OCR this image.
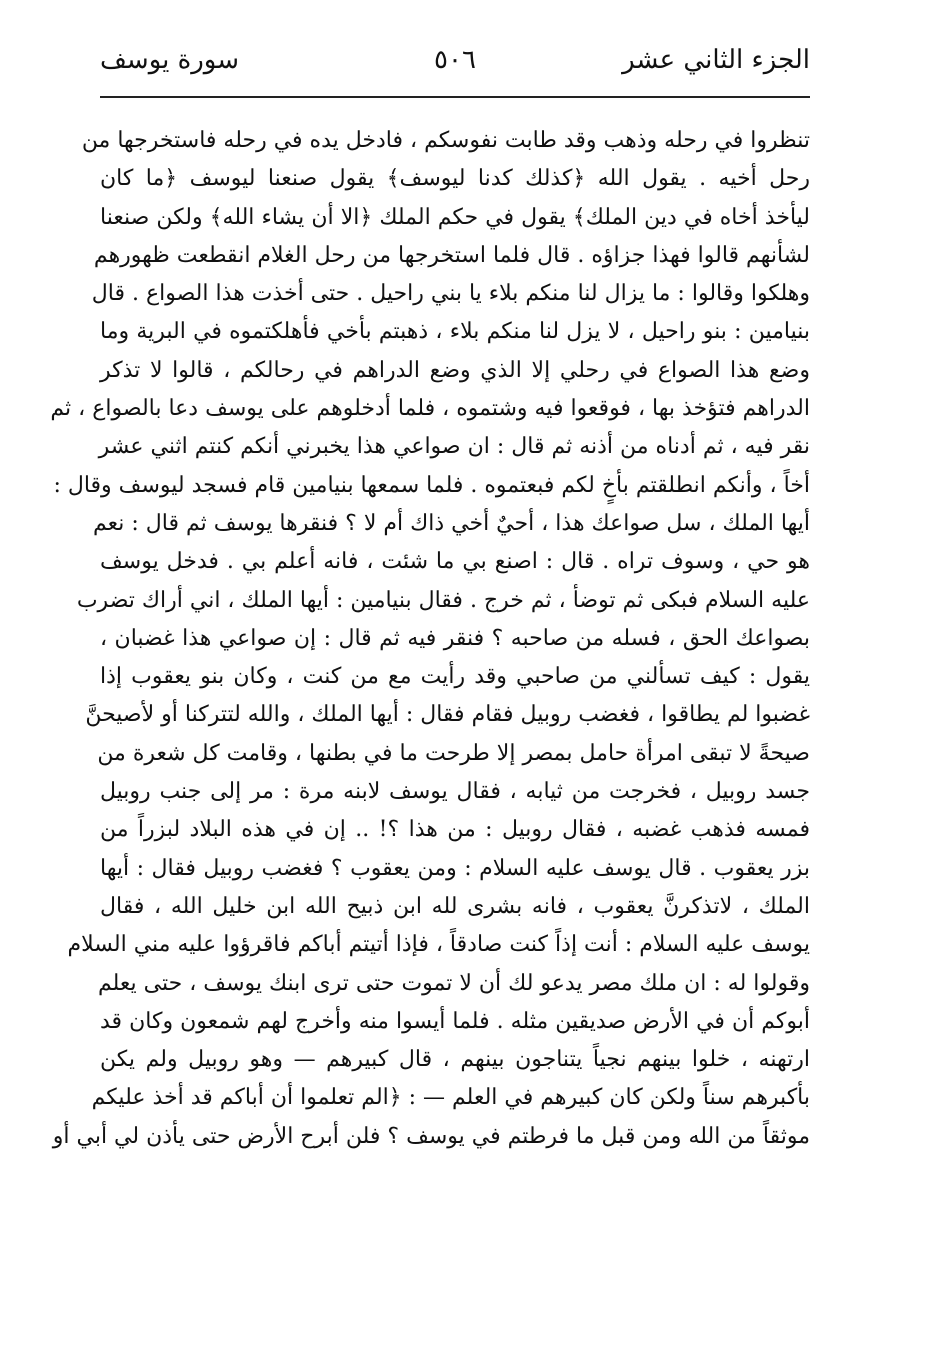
الجزء الثاني عشر
٥٠٦
سورة يوسف
تنظروا في رحله وذهب وقد طابت نفوسكم ، فادخل يده في رحله فاستخرجها من
رحل أخيه . يقول الله ﴿كذلك كدنا ليوسف﴾ يقول صنعنا ليوسف ﴿ما كان
ليأخذ أخاه في دين الملك﴾ يقول في حكم الملك ﴿الا أن يشاء الله﴾ ولكن صنعنا
لشأنهم قالوا فهذا جزاؤه . قال فلما استخرجها من رحل الغلام انقطعت ظهورهم
وهلكوا وقالوا : ما يزال لنا منكم بلاء يا بني راحيل . حتى أخذت هذا الصواع . قال
بنيامين : بنو راحيل ، لا يزل لنا منكم بلاء ، ذهبتم بأخي فأهلكتموه في البرية وما
وضع هذا الصواع في رحلي إلا الذي وضع الدراهم في رحالكم ، قالوا لا تذكر
الدراهم فتؤخذ بها ، فوقعوا فيه وشتموه ، فلما أدخلوهم على يوسف دعا بالصواع ، ثم
نقر فيه ، ثم أدناه من أذنه ثم قال : ان صواعي هذا يخبرني أنكم كنتم اثني عشر
أخاً ، وأنكم انطلقتم بأخٍ لكم فبعتموه . فلما سمعها بنيامين قام فسجد ليوسف وقال :
أيها الملك ، سل صواعك هذا ، أحيٌ أخي ذاك أم لا ؟ فنقرها يوسف ثم قال : نعم
هو حي ، وسوف تراه . قال : اصنع بي ما شئت ، فانه أعلم بي . فدخل يوسف
عليه السلام فبكى ثم توضأ ، ثم خرج . فقال بنيامين : أيها الملك ، اني أراك تضرب
بصواعك الحق ، فسله من صاحبه ؟ فنقر فيه ثم قال : إن صواعي هذا غضبان ،
يقول : كيف تسألني من صاحبي وقد رأيت مع من كنت ، وكان بنو يعقوب إذا
غضبوا لم يطاقوا ، فغضب روبيل فقام فقال : أيها الملك ، والله لتتركنا أو لأصيحنَّ
صيحةً لا تبقى امرأة حامل بمصر إلا طرحت ما في بطنها ، وقامت كل شعرة من
جسد روبيل ، فخرجت من ثيابه ، فقال يوسف لابنه مرة : مر إلى جنب روبيل
فمسه فذهب غضبه ، فقال روبيل : من هذا ؟! .. إن في هذه البلاد لبزراً من
بزر يعقوب . قال يوسف عليه السلام : ومن يعقوب ؟ فغضب روبيل فقال : أيها
الملك ، لاتذكرنَّ يعقوب ، فانه بشرى لله ابن ذبيح الله ابن خليل الله ، فقال
يوسف عليه السلام : أنت إذاً كنت صادقاً ، فإذا أتيتم أباكم فاقرؤوا عليه مني السلام
وقولوا له : ان ملك مصر يدعو لك أن لا تموت حتى ترى ابنك يوسف ، حتى يعلم
أبوكم أن في الأرض صديقين مثله . فلما أيسوا منه وأخرج لهم شمعون وكان قد
ارتهنه ، خلوا بينهم نجياً يتناجون بينهم ، قال كبيرهم — وهو روبيل ولم يكن
بأكبرهم سناً ولكن كان كبيرهم في العلم — : ﴿الم تعلموا أن أباكم قد أخذ عليكم
موثقاً من الله ومن قبل ما فرطتم في يوسف ؟ فلن أبرح الأرض حتى يأذن لي أبي أو
